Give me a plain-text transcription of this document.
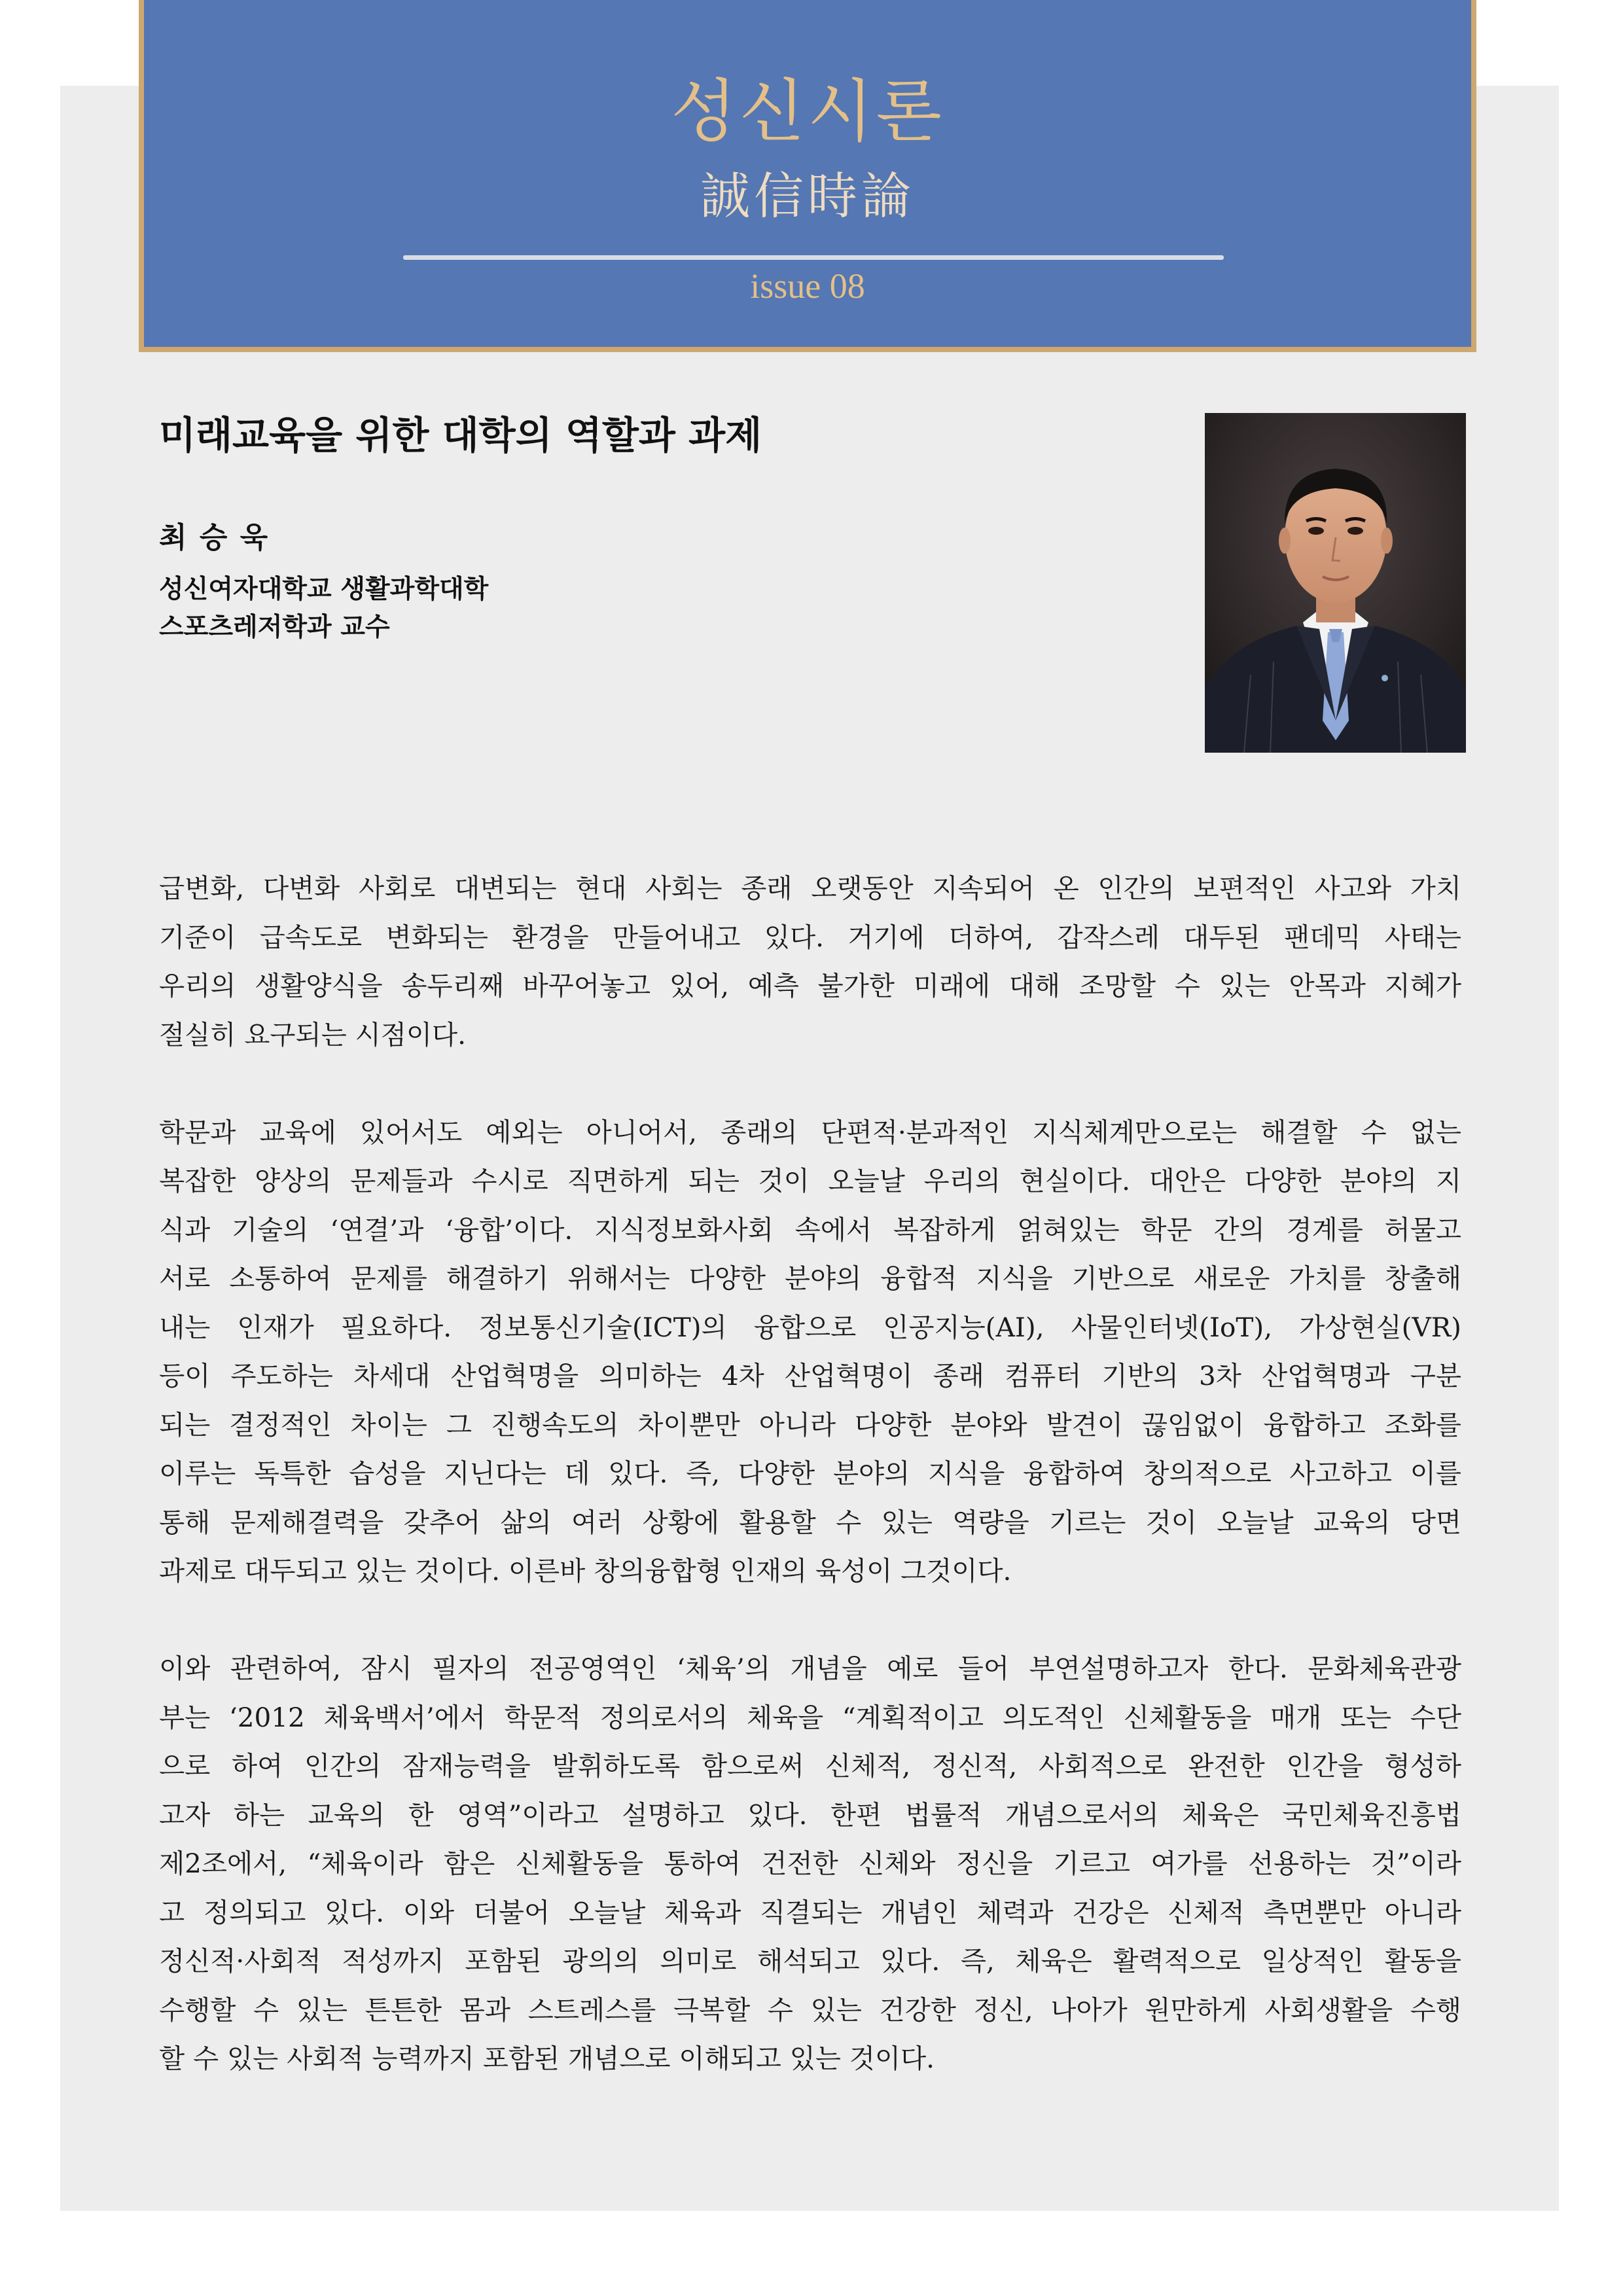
성신시론
誠信時論
issue 08
미래교육을 위한 대학의 역할과 과제
최 승 욱
성신여자대학교 생활과학대학
스포츠레저학과 교수

급변화, 다변화 사회로 대변되는 현대 사회는 종래 오랫동안 지속되어 온 인간의 보편적인 사고와 가치
기준이 급속도로 변화되는 환경을 만들어내고 있다. 거기에 더하여, 갑작스레 대두된 팬데믹 사태는
우리의 생활양식을 송두리째 바꾸어놓고 있어, 예측 불가한 미래에 대해 조망할 수 있는 안목과 지혜가
절실히 요구되는 시점이다.

학문과 교육에 있어서도 예외는 아니어서, 종래의 단편적·분과적인 지식체계만으로는 해결할 수 없는
복잡한 양상의 문제들과 수시로 직면하게 되는 것이 오늘날 우리의 현실이다. 대안은 다양한 분야의 지
식과 기술의 ‘연결’과 ‘융합’이다. 지식정보화사회 속에서 복잡하게 얽혀있는 학문 간의 경계를 허물고
서로 소통하여 문제를 해결하기 위해서는 다양한 분야의 융합적 지식을 기반으로 새로운 가치를 창출해
내는 인재가 필요하다. 정보통신기술(ICT)의 융합으로 인공지능(AI), 사물인터넷(IoT), 가상현실(VR)
등이 주도하는 차세대 산업혁명을 의미하는 4차 산업혁명이 종래 컴퓨터 기반의 3차 산업혁명과 구분
되는 결정적인 차이는 그 진행속도의 차이뿐만 아니라 다양한 분야와 발견이 끊임없이 융합하고 조화를
이루는 독특한 습성을 지닌다는 데 있다. 즉, 다양한 분야의 지식을 융합하여 창의적으로 사고하고 이를
통해 문제해결력을 갖추어 삶의 여러 상황에 활용할 수 있는 역량을 기르는 것이 오늘날 교육의 당면
과제로 대두되고 있는 것이다. 이른바 창의융합형 인재의 육성이 그것이다.

이와 관련하여, 잠시 필자의 전공영역인 ‘체육’의 개념을 예로 들어 부연설명하고자 한다. 문화체육관광
부는 ‘2012 체육백서’에서 학문적 정의로서의 체육을 “계획적이고 의도적인 신체활동을 매개 또는 수단
으로 하여 인간의 잠재능력을 발휘하도록 함으로써 신체적, 정신적, 사회적으로 완전한 인간을 형성하
고자 하는 교육의 한 영역”이라고 설명하고 있다. 한편 법률적 개념으로서의 체육은 국민체육진흥법
제2조에서, “체육이라 함은 신체활동을 통하여 건전한 신체와 정신을 기르고 여가를 선용하는 것”이라
고 정의되고 있다. 이와 더불어 오늘날 체육과 직결되는 개념인 체력과 건강은 신체적 측면뿐만 아니라
정신적·사회적 적성까지 포함된 광의의 의미로 해석되고 있다. 즉, 체육은 활력적으로 일상적인 활동을
수행할 수 있는 튼튼한 몸과 스트레스를 극복할 수 있는 건강한 정신, 나아가 원만하게 사회생활을 수행
할 수 있는 사회적 능력까지 포함된 개념으로 이해되고 있는 것이다.
